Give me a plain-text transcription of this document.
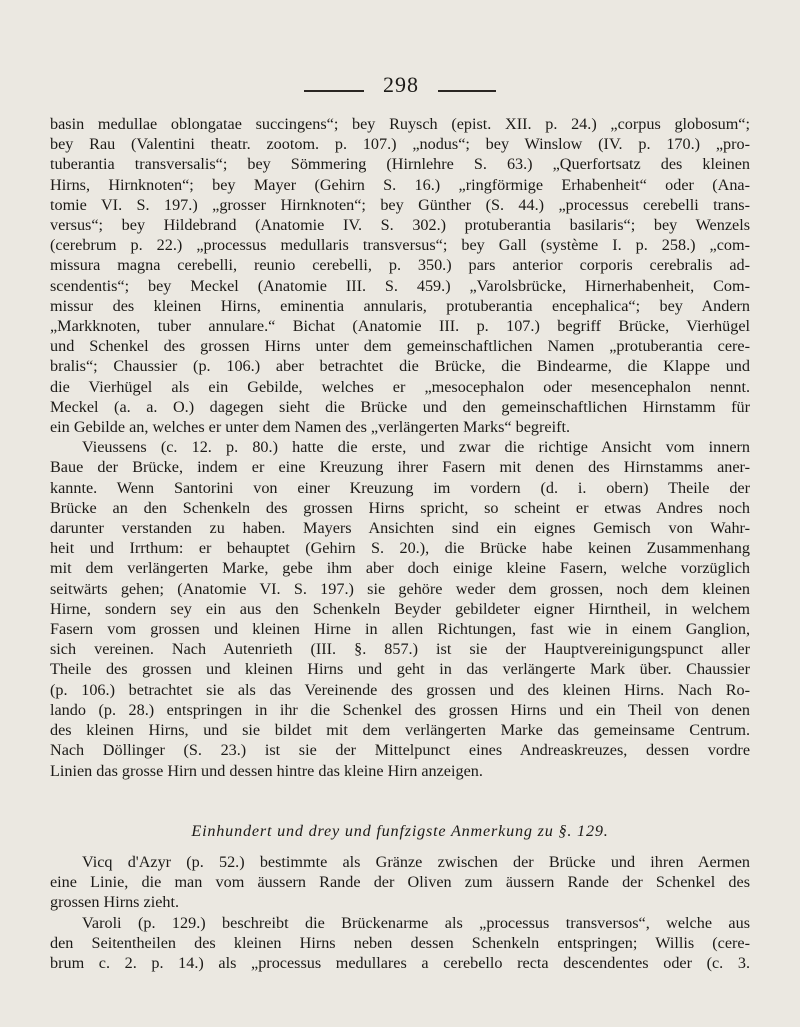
298

basin medullae oblongatae succingens“; bey Ruysch (epist. XII. p. 24.) „corpus globosum“;

bey Rau (Valentini theatr. zootom. p. 107.) „nodus“; bey Winslow (IV. p. 170.) „pro-

tuberantia transversalis“; bey Sömmering (Hirnlehre S. 63.) „Querfortsatz des kleinen

Hirns, Hirnknoten“; bey Mayer (Gehirn S. 16.) „ringförmige Erhabenheit“ oder (Ana-

tomie VI. S. 197.) „grosser Hirnknoten“; bey Günther (S. 44.) „processus cerebelli trans-

versus“; bey Hildebrand (Anatomie IV. S. 302.) protuberantia basilaris“; bey Wenzels

(cerebrum p. 22.) „processus medullaris transversus“; bey Gall (système I. p. 258.) „com-

missura magna cerebelli, reunio cerebelli, p. 350.) pars anterior corporis cerebralis ad-

scendentis“; bey Meckel (Anatomie III. S. 459.) „Varolsbrücke, Hirnerhabenheit, Com-

missur des kleinen Hirns, eminentia annularis, protuberantia encephalica“; bey Andern

„Markknoten, tuber annulare.“ Bichat (Anatomie III. p. 107.) begriff Brücke, Vierhügel

und Schenkel des grossen Hirns unter dem gemeinschaftlichen Namen „protuberantia cere-

bralis“; Chaussier (p. 106.) aber betrachtet die Brücke, die Bindearme, die Klappe und

die Vierhügel als ein Gebilde, welches er „mesocephalon oder mesencephalon nennt.

Meckel (a. a. O.) dagegen sieht die Brücke und den gemeinschaftlichen Hirnstamm für

ein Gebilde an, welches er unter dem Namen des „verlängerten Marks“ begreift.

Vieussens (c. 12. p. 80.) hatte die erste, und zwar die richtige Ansicht vom innern

Baue der Brücke, indem er eine Kreuzung ihrer Fasern mit denen des Hirnstamms aner-

kannte. Wenn Santorini von einer Kreuzung im vordern (d. i. obern) Theile der

Brücke an den Schenkeln des grossen Hirns spricht, so scheint er etwas Andres noch

darunter verstanden zu haben. Mayers Ansichten sind ein eignes Gemisch von Wahr-

heit und Irrthum: er behauptet (Gehirn S. 20.), die Brücke habe keinen Zusammenhang

mit dem verlängerten Marke, gebe ihm aber doch einige kleine Fasern, welche vorzüglich

seitwärts gehen; (Anatomie VI. S. 197.) sie gehöre weder dem grossen, noch dem kleinen

Hirne, sondern sey ein aus den Schenkeln Beyder gebildeter eigner Hirntheil, in welchem

Fasern vom grossen und kleinen Hirne in allen Richtungen, fast wie in einem Ganglion,

sich vereinen. Nach Autenrieth (III. §. 857.) ist sie der Hauptvereinigungspunct aller

Theile des grossen und kleinen Hirns und geht in das verlängerte Mark über. Chaussier

(p. 106.) betrachtet sie als das Vereinende des grossen und des kleinen Hirns. Nach Ro-

lando (p. 28.) entspringen in ihr die Schenkel des grossen Hirns und ein Theil von denen

des kleinen Hirns, und sie bildet mit dem verlängerten Marke das gemeinsame Centrum.

Nach Döllinger (S. 23.) ist sie der Mittelpunct eines Andreaskreuzes, dessen vordre

Linien das grosse Hirn und dessen hintre das kleine Hirn anzeigen.

Einhundert und drey und funfzigste Anmerkung zu §. 129.

Vicq d'Azyr (p. 52.) bestimmte als Gränze zwischen der Brücke und ihren Aermen

eine Linie, die man vom äussern Rande der Oliven zum äussern Rande der Schenkel des

grossen Hirns zieht.

Varoli (p. 129.) beschreibt die Brückenarme als „processus transversos“, welche aus

den Seitentheilen des kleinen Hirns neben dessen Schenkeln entspringen; Willis (cere-

brum c. 2. p. 14.) als „processus medullares a cerebello recta descendentes oder (c. 3.
